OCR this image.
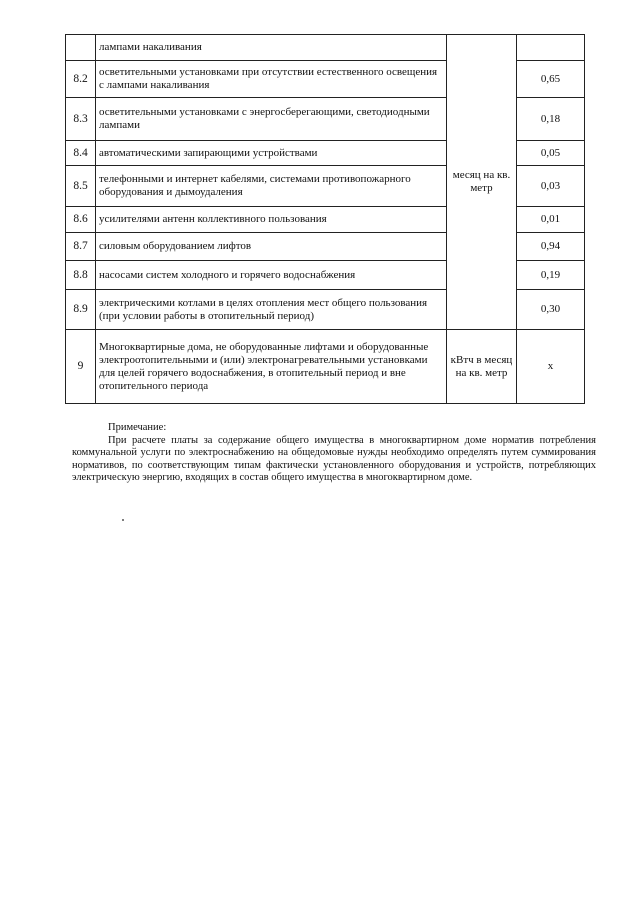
	лампами накаливания	месяц на кв. метр	
8.2	осветительными установками при отсутствии естественного освещения с лампами накаливания		0,65
8.3	осветительными установками с энергосберегающими, светодиодными лампами		0,18
8.4	автоматическими запирающими устройствами		0,05
8.5	телефонными и интернет кабелями, системами противопожарного оборудования и дымоудаления		0,03
8.6	усилителями антенн коллективного пользования		0,01
8.7	силовым оборудованием лифтов		0,94
8.8	насосами систем холодного и горячего водоснабжения		0,19
8.9	электрическими котлами в целях отопления мест общего пользования (при условии работы в отопительный период)		0,30
9	Многоквартирные дома, не оборудованные лифтами и оборудованные электроотопительными и (или) электронагревательными установками для целей горячего водоснабжения, в отопительный период и вне отопительного периода	кВтч в месяц на кв. метр	х
Примечание:

При расчете платы за содержание общего имущества в многоквартирном доме норматив потребления коммунальной услуги по электроснабжению на общедомовые нужды необходимо определять путем суммирования нормативов, по соответствующим типам фактически установленного оборудования и устройств, потребляющих электрическую энергию, входящих в состав общего имущества в многоквартирном доме.
